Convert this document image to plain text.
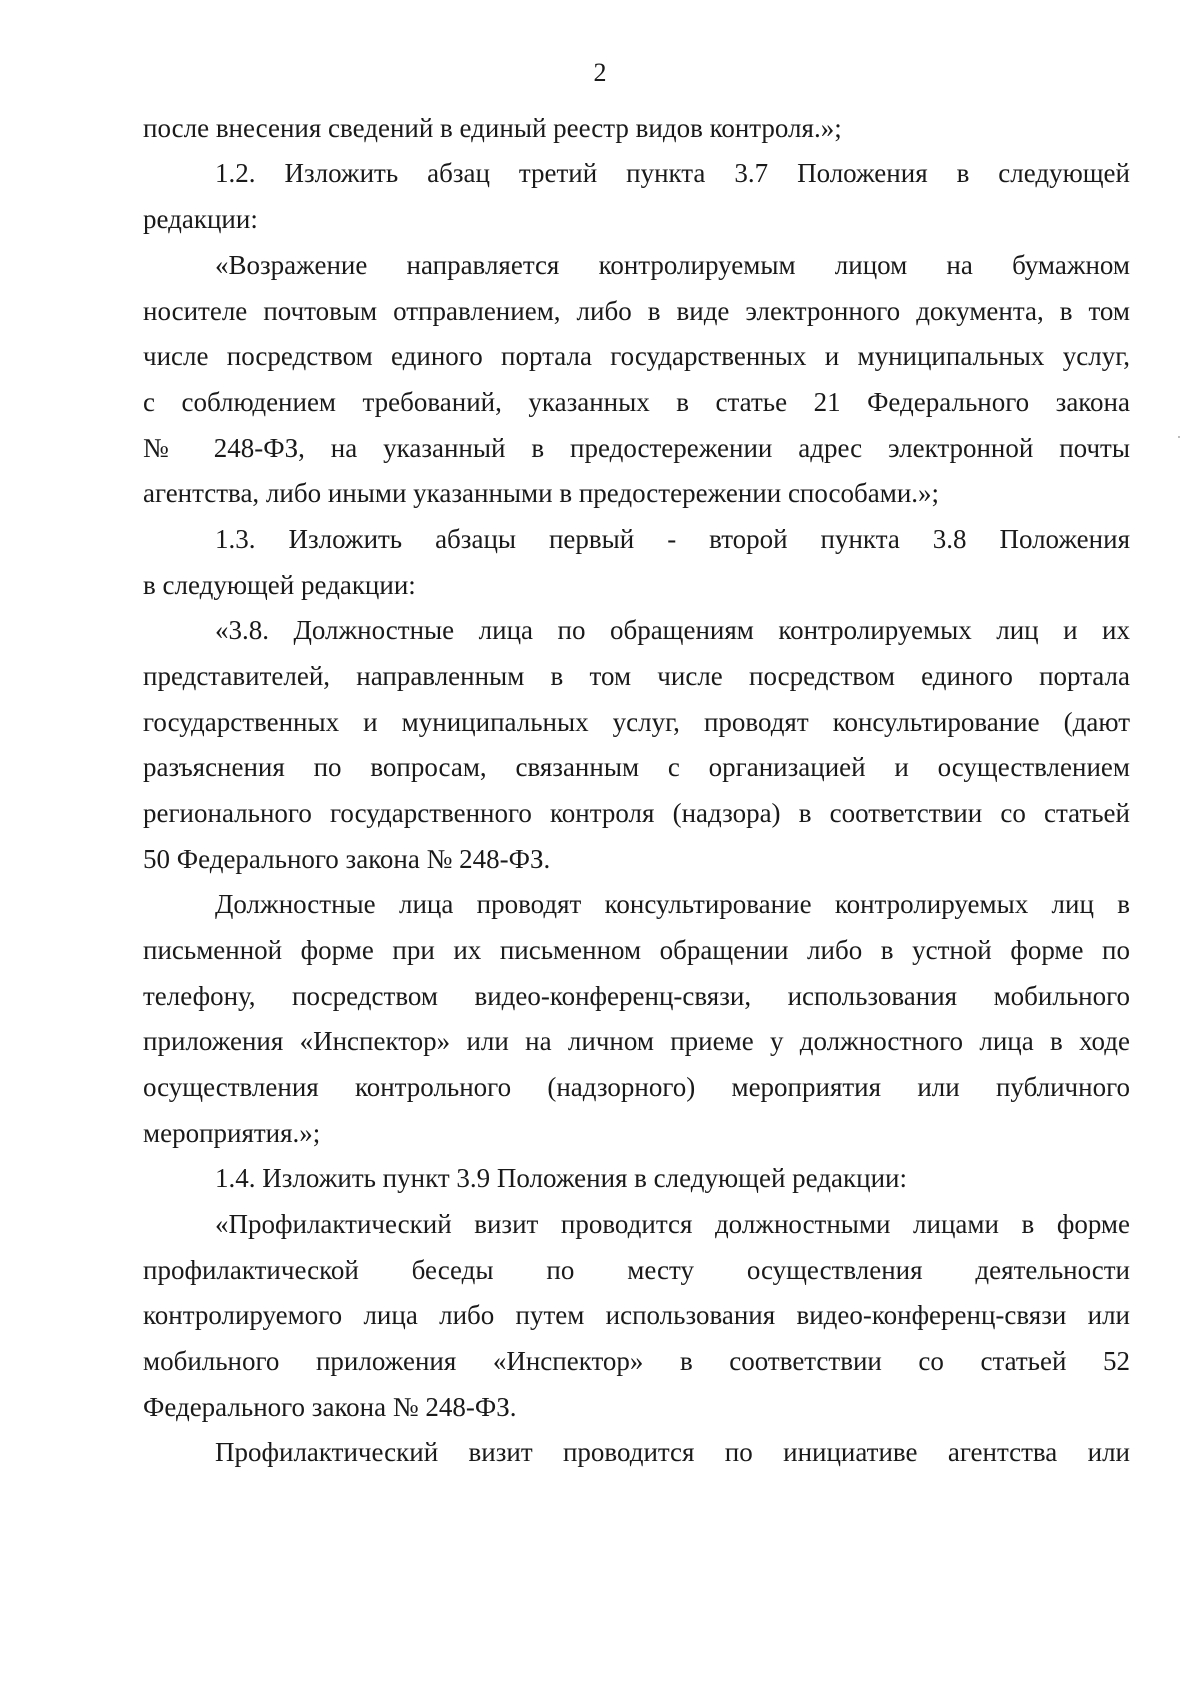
2
после внесения сведений в единый реестр видов контроля.»;
1.2. Изложить абзац третий пункта 3.7 Положения в следующей
редакции:
«Возражение направляется контролируемым лицом на бумажном
носителе почтовым отправлением, либо в виде электронного документа, в том
числе посредством единого портала государственных и муниципальных услуг,
с соблюдением требований, указанных в статье 21 Федерального закона
№ 248-ФЗ, на указанный в предостережении адрес электронной почты
агентства, либо иными указанными в предостережении способами.»;
1.3. Изложить абзацы первый - второй пункта 3.8 Положения
в следующей редакции:
«3.8. Должностные лица по обращениям контролируемых лиц и их
представителей, направленным в том числе посредством единого портала
государственных и муниципальных услуг, проводят консультирование (дают
разъяснения по вопросам, связанным с организацией и осуществлением
регионального государственного контроля (надзора) в соответствии со статьей
50 Федерального закона № 248-ФЗ.
Должностные лица проводят консультирование контролируемых лиц в
письменной форме при их письменном обращении либо в устной форме по
телефону, посредством видео-конференц-связи, использования мобильного
приложения «Инспектор» или на личном приеме у должностного лица в ходе
осуществления контрольного (надзорного) мероприятия или публичного
мероприятия.»;
1.4. Изложить пункт 3.9 Положения в следующей редакции:
«Профилактический визит проводится должностными лицами в форме
профилактической беседы по месту осуществления деятельности
контролируемого лица либо путем использования видео-конференц-связи или
мобильного приложения «Инспектор» в соответствии со статьей 52
Федерального закона № 248-ФЗ.
Профилактический визит проводится по инициативе агентства или
